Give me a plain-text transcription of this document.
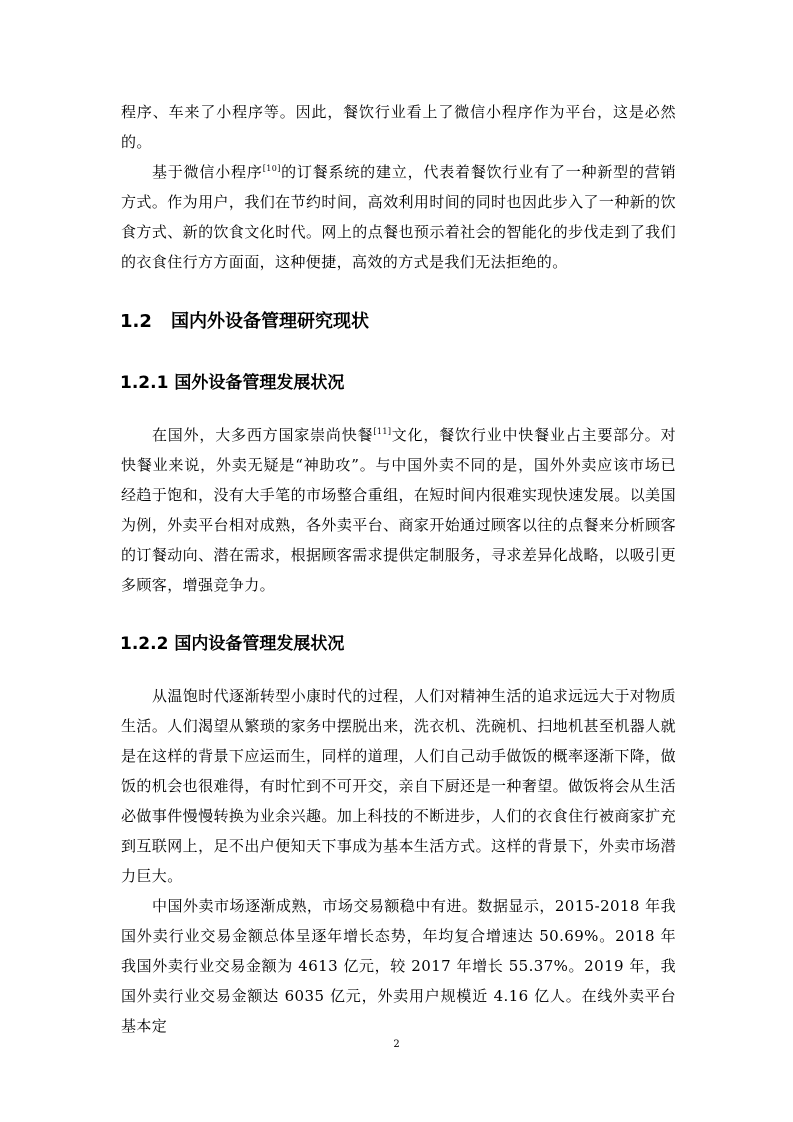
程序、车来了小程序等。因此，餐饮行业看上了微信小程序作为平台，这是必然的。

基于微信小程序[10]的订餐系统的建立，代表着餐饮行业有了一种新型的营销方式。作为用户，我们在节约时间，高效利用时间的同时也因此步入了一种新的饮食方式、新的饮食文化时代。网上的点餐也预示着社会的智能化的步伐走到了我们的衣食住行方方面面，这种便捷，高效的方式是我们无法拒绝的。

1.2 国内外设备管理研究现状
1.2.1 国外设备管理发展状况

在国外，大多西方国家崇尚快餐[11]文化，餐饮行业中快餐业占主要部分。对快餐业来说，外卖无疑是“神助攻”。与中国外卖不同的是，国外外卖应该市场已经趋于饱和，没有大手笔的市场整合重组，在短时间内很难实现快速发展。以美国为例，外卖平台相对成熟，各外卖平台、商家开始通过顾客以往的点餐来分析顾客的订餐动向、潜在需求，根据顾客需求提供定制服务，寻求差异化战略，以吸引更多顾客，增强竞争力。

1.2.2 国内设备管理发展状况

从温饱时代逐渐转型小康时代的过程，人们对精神生活的追求远远大于对物质生活。人们渴望从繁琐的家务中摆脱出来，洗衣机、洗碗机、扫地机甚至机器人就是在这样的背景下应运而生，同样的道理，人们自己动手做饭的概率逐渐下降，做饭的机会也很难得，有时忙到不可开交，亲自下厨还是一种奢望。做饭将会从生活必做事件慢慢转换为业余兴趣。加上科技的不断进步，人们的衣食住行被商家扩充到互联网上，足不出户便知天下事成为基本生活方式。这样的背景下，外卖市场潜力巨大。

中国外卖市场逐渐成熟，市场交易额稳中有进。数据显示，2015-2018 年我国外卖行业交易金额总体呈逐年增长态势，年均复合增速达 50.69%。2018 年我国外卖行业交易金额为 4613 亿元，较 2017 年增长 55.37%。2019 年，我国外卖行业交易金额达 6035 亿元，外卖用户规模近 4.16 亿人。在线外卖平台基本定

2
